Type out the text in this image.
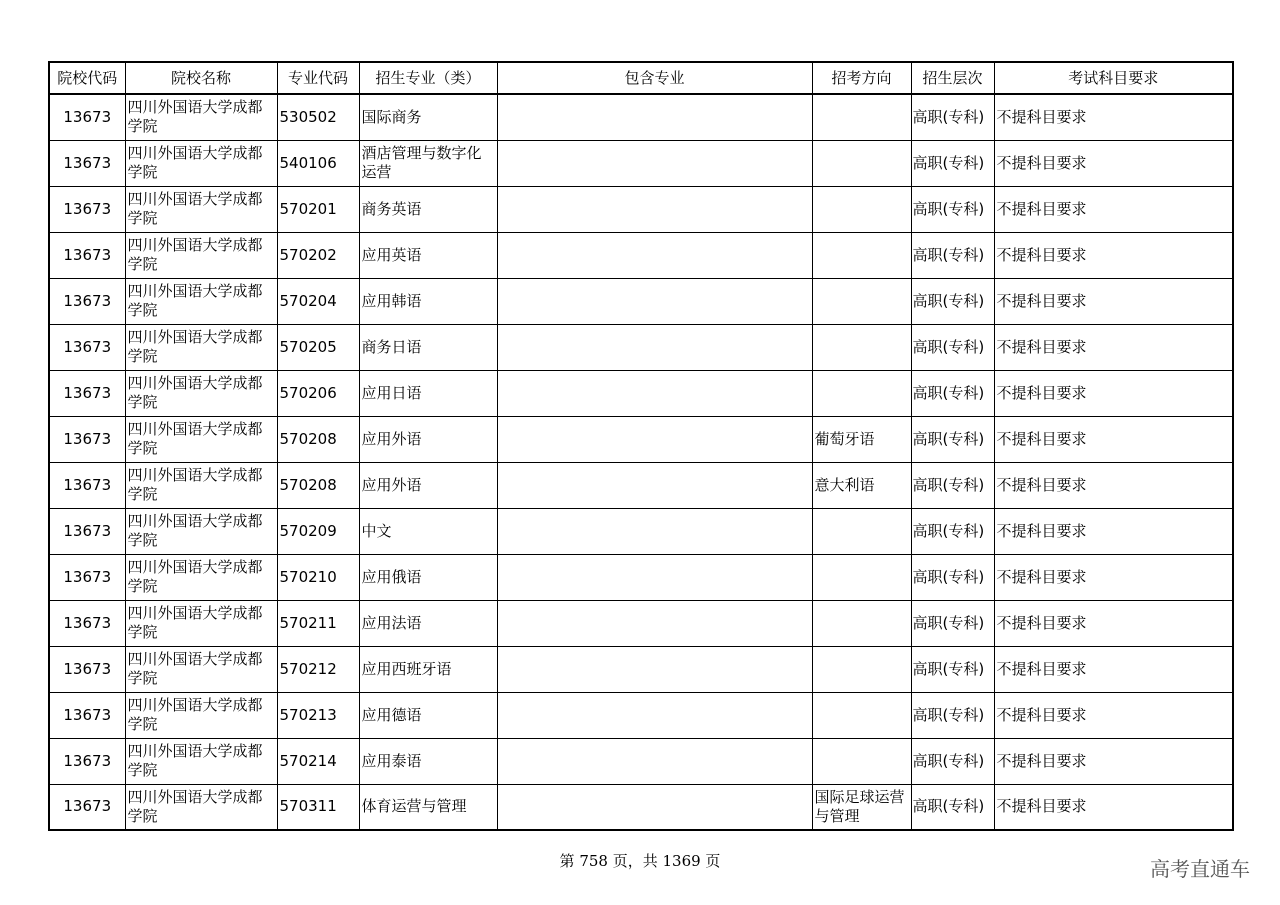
院校代码	院校名称	专业代码	招生专业（类）	包含专业	招考方向	招生层次	考试科目要求
13673	四川外国语大学成都学院	530502	国际商务			高职(专科)	不提科目要求
13673	四川外国语大学成都学院	540106	酒店管理与数字化运营			高职(专科)	不提科目要求
13673	四川外国语大学成都学院	570201	商务英语			高职(专科)	不提科目要求
13673	四川外国语大学成都学院	570202	应用英语			高职(专科)	不提科目要求
13673	四川外国语大学成都学院	570204	应用韩语			高职(专科)	不提科目要求
13673	四川外国语大学成都学院	570205	商务日语			高职(专科)	不提科目要求
13673	四川外国语大学成都学院	570206	应用日语			高职(专科)	不提科目要求
13673	四川外国语大学成都学院	570208	应用外语		葡萄牙语	高职(专科)	不提科目要求
13673	四川外国语大学成都学院	570208	应用外语		意大利语	高职(专科)	不提科目要求
13673	四川外国语大学成都学院	570209	中文			高职(专科)	不提科目要求
13673	四川外国语大学成都学院	570210	应用俄语			高职(专科)	不提科目要求
13673	四川外国语大学成都学院	570211	应用法语			高职(专科)	不提科目要求
13673	四川外国语大学成都学院	570212	应用西班牙语			高职(专科)	不提科目要求
13673	四川外国语大学成都学院	570213	应用德语			高职(专科)	不提科目要求
13673	四川外国语大学成都学院	570214	应用泰语			高职(专科)	不提科目要求
13673	四川外国语大学成都学院	570311	体育运营与管理		国际足球运营与管理	高职(专科)	不提科目要求
第 758 页，共 1369 页	高考直通车
